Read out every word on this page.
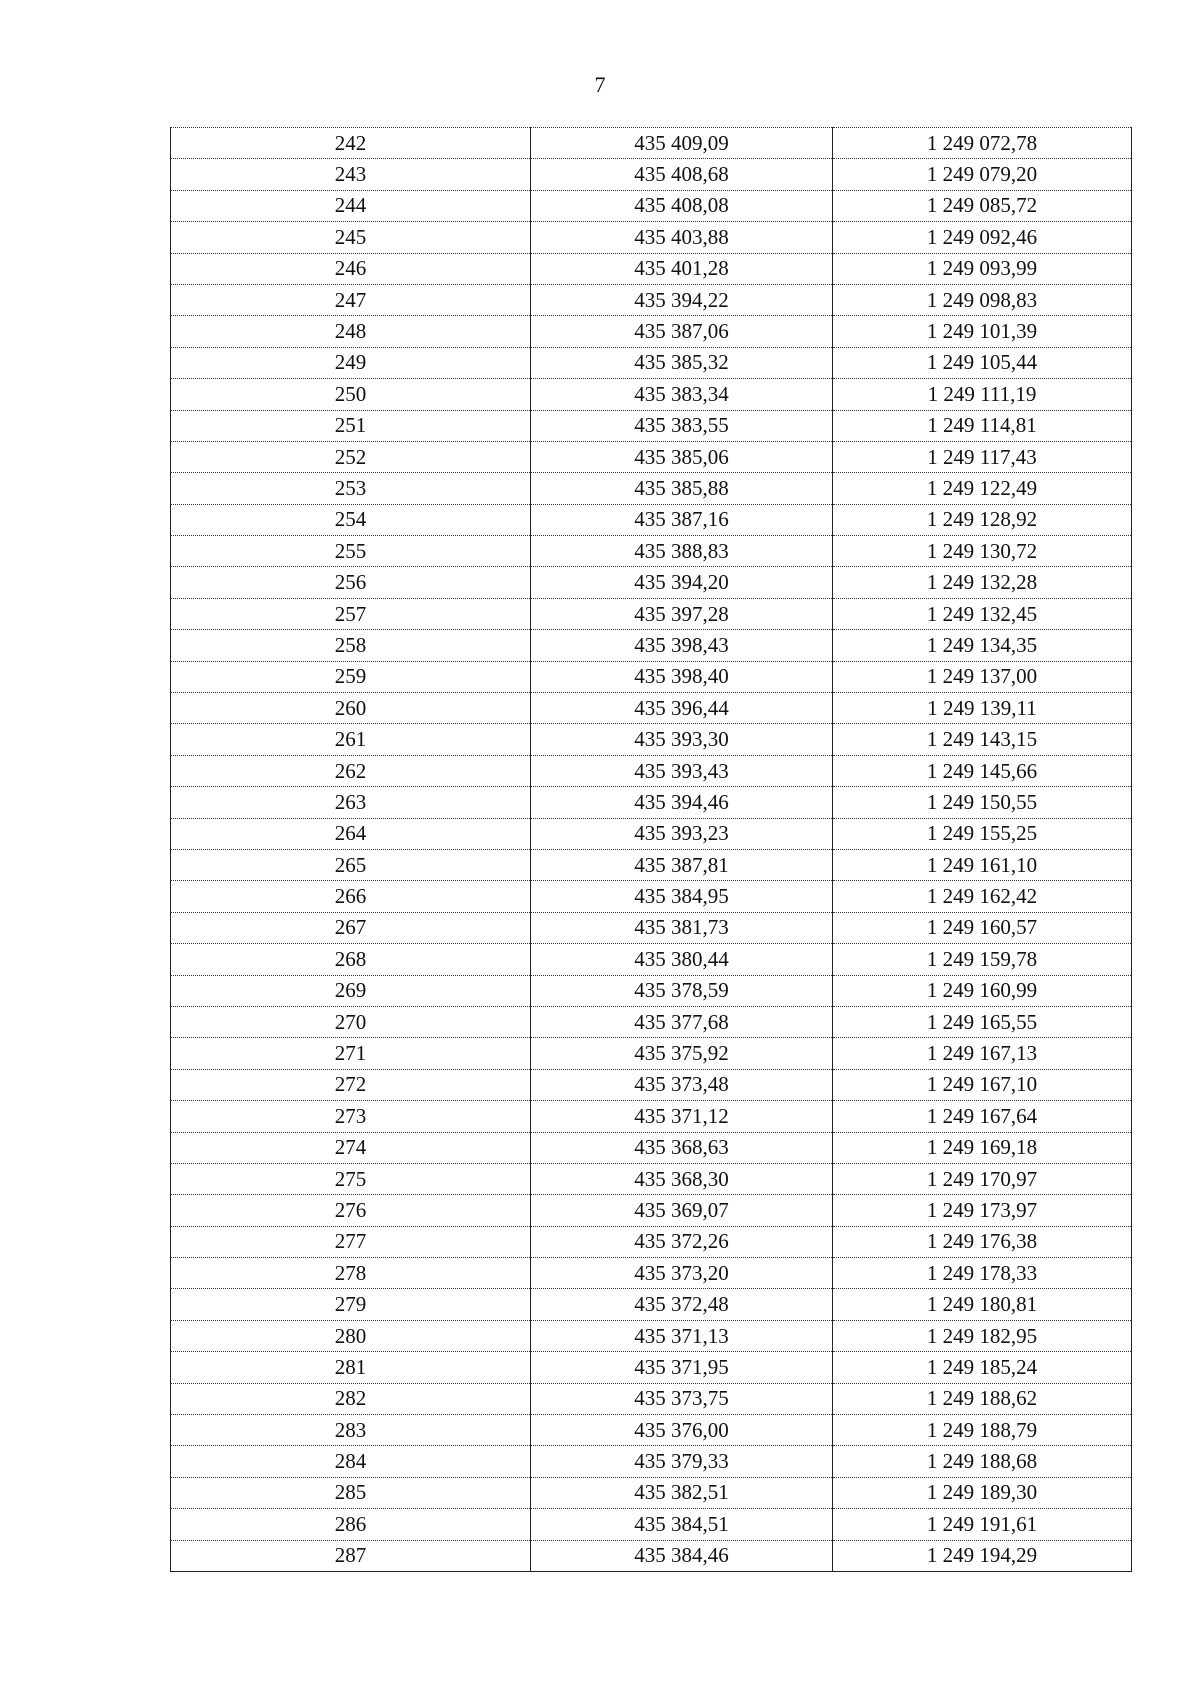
7
242	435 409,09	1 249 072,78
243	435 408,68	1 249 079,20
244	435 408,08	1 249 085,72
245	435 403,88	1 249 092,46
246	435 401,28	1 249 093,99
247	435 394,22	1 249 098,83
248	435 387,06	1 249 101,39
249	435 385,32	1 249 105,44
250	435 383,34	1 249 111,19
251	435 383,55	1 249 114,81
252	435 385,06	1 249 117,43
253	435 385,88	1 249 122,49
254	435 387,16	1 249 128,92
255	435 388,83	1 249 130,72
256	435 394,20	1 249 132,28
257	435 397,28	1 249 132,45
258	435 398,43	1 249 134,35
259	435 398,40	1 249 137,00
260	435 396,44	1 249 139,11
261	435 393,30	1 249 143,15
262	435 393,43	1 249 145,66
263	435 394,46	1 249 150,55
264	435 393,23	1 249 155,25
265	435 387,81	1 249 161,10
266	435 384,95	1 249 162,42
267	435 381,73	1 249 160,57
268	435 380,44	1 249 159,78
269	435 378,59	1 249 160,99
270	435 377,68	1 249 165,55
271	435 375,92	1 249 167,13
272	435 373,48	1 249 167,10
273	435 371,12	1 249 167,64
274	435 368,63	1 249 169,18
275	435 368,30	1 249 170,97
276	435 369,07	1 249 173,97
277	435 372,26	1 249 176,38
278	435 373,20	1 249 178,33
279	435 372,48	1 249 180,81
280	435 371,13	1 249 182,95
281	435 371,95	1 249 185,24
282	435 373,75	1 249 188,62
283	435 376,00	1 249 188,79
284	435 379,33	1 249 188,68
285	435 382,51	1 249 189,30
286	435 384,51	1 249 191,61
287	435 384,46	1 249 194,29
